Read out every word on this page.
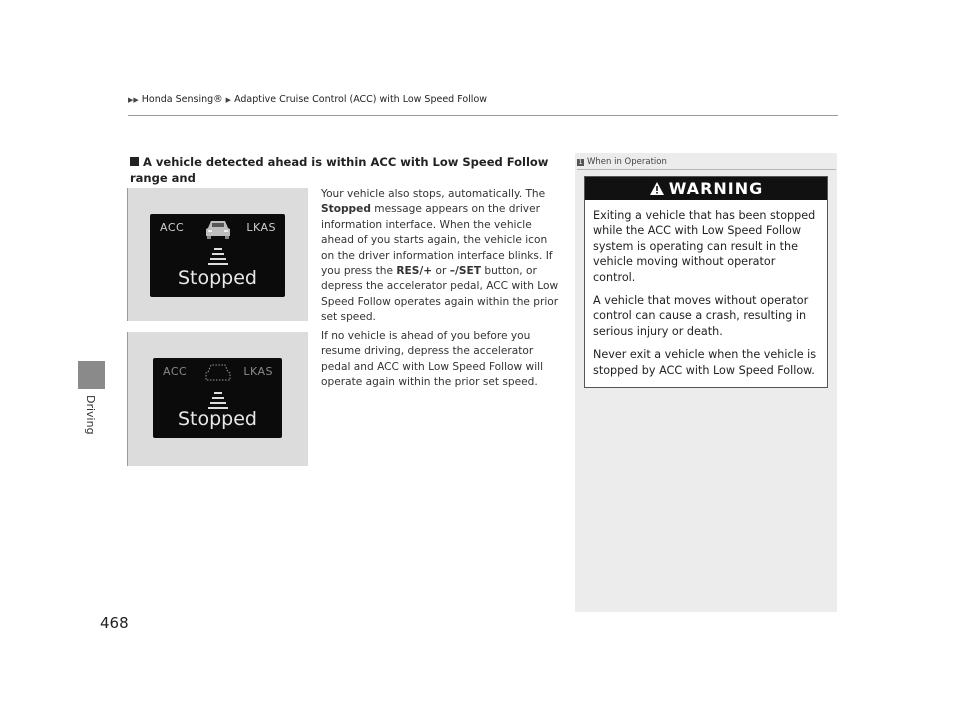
▶▶ Honda Sensing® ▶ Adaptive Cruise Control (ACC) with Low Speed Follow
Driving
468
A vehicle detected ahead is within ACC with Low Speed Follow range and
ACC	LKAS
Stopped
ACC	LKAS
Stopped
Your vehicle also stops, automatically. The Stopped message appears on the driver information interface. When the vehicle ahead of you starts again, the vehicle icon on the driver information interface blinks. If you press the RES/+ or –/SET button, or depress the accelerator pedal, ACC with Low Speed Follow operates again within the prior set speed.
If no vehicle is ahead of you before you resume driving, depress the accelerator pedal and ACC with Low Speed Follow will operate again within the prior set speed.
1 When in Operation
WARNING

Exiting a vehicle that has been stopped while the ACC with Low Speed Follow system is operating can result in the vehicle moving without operator control.

A vehicle that moves without operator control can cause a crash, resulting in serious injury or death.

Never exit a vehicle when the vehicle is stopped by ACC with Low Speed Follow.
